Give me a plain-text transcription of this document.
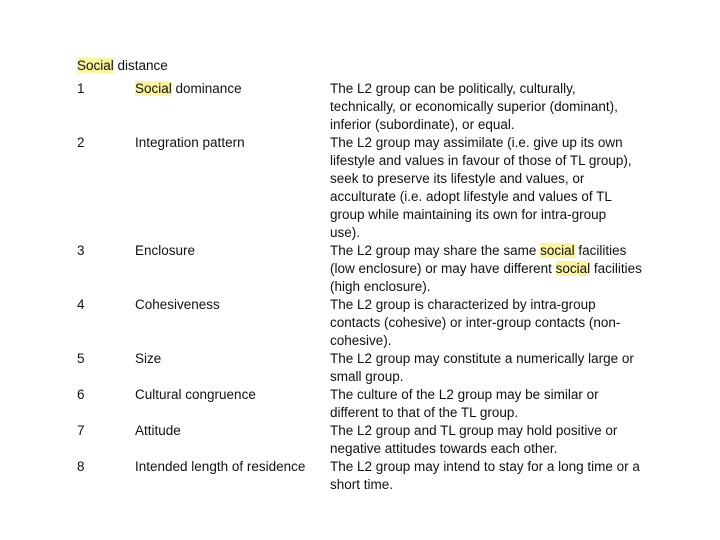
Social distance
1	Social dominance	The L2 group can be politically, culturally,
technically, or economically superior (dominant),
inferior (subordinate), or equal.
2	Integration pattern	The L2 group may assimilate (i.e. give up its own
lifestyle and values in favour of those of TL group),
seek to preserve its lifestyle and values, or
acculturate (i.e. adopt lifestyle and values of TL
group while maintaining its own for intra-group
use).
3	Enclosure	The L2 group may share the same social facilities
(low enclosure) or may have different social facilities
(high enclosure).
4	Cohesiveness	The L2 group is characterized by intra-group
contacts (cohesive) or inter-group contacts (non-
cohesive).
5	Size	The L2 group may constitute a numerically large or
small group.
6	Cultural congruence	The culture of the L2 group may be similar or
different to that of the TL group.
7	Attitude	The L2 group and TL group may hold positive or
negative attitudes towards each other.
8	Intended length of residence	The L2 group may intend to stay for a long time or a
short time.
